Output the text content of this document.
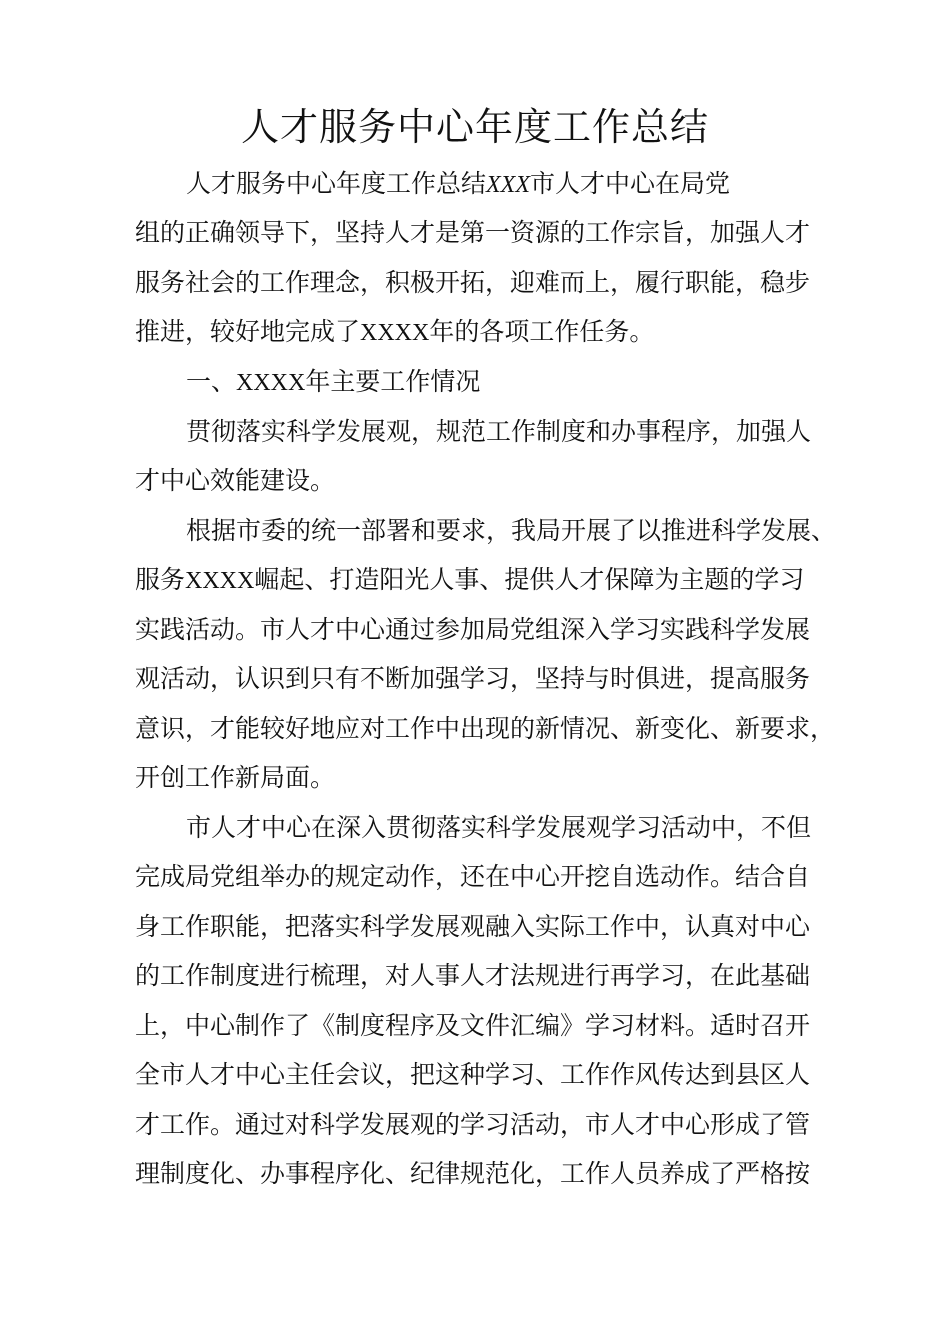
人才服务中心年度工作总结
人才服务中心年度工作总结XXX市人才中心在局党
组的正确领导下，坚持人才是第一资源的工作宗旨，加强人才
服务社会的工作理念，积极开拓，迎难而上，履行职能，稳步
推进，较好地完成了XXXX年的各项工作任务。
一、XXXX年主要工作情况
贯彻落实科学发展观，规范工作制度和办事程序，加强人
才中心效能建设。
根据市委的统一部署和要求，我局开展了以推进科学发展、
服务XXXX崛起、打造阳光人事、提供人才保障为主题的学习
实践活动。市人才中心通过参加局党组深入学习实践科学发展
观活动，认识到只有不断加强学习，坚持与时俱进，提高服务
意识，才能较好地应对工作中出现的新情况、新变化、新要求，
开创工作新局面。
市人才中心在深入贯彻落实科学发展观学习活动中，不但
完成局党组举办的规定动作，还在中心开挖自选动作。结合自
身工作职能，把落实科学发展观融入实际工作中，认真对中心
的工作制度进行梳理，对人事人才法规进行再学习，在此基础
上，中心制作了《制度程序及文件汇编》学习材料。适时召开
全市人才中心主任会议，把这种学习、工作作风传达到县区人
才工作。通过对科学发展观的学习活动，市人才中心形成了管
理制度化、办事程序化、纪律规范化，工作人员养成了严格按
